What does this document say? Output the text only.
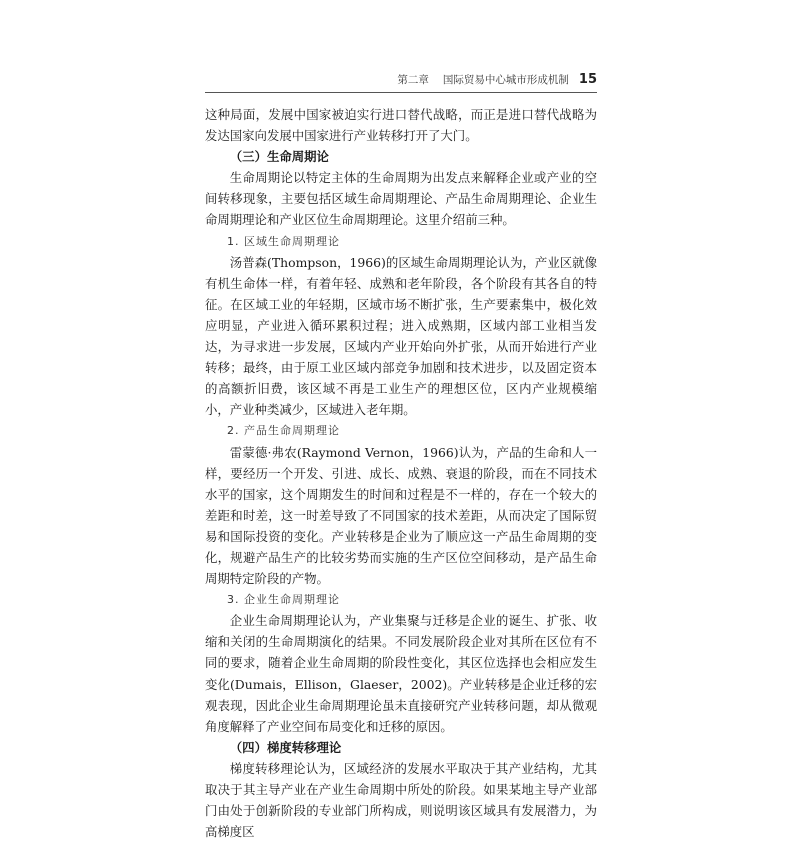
第二章 国际贸易中心城市形成机制 15

这种局面，发展中国家被迫实行进口替代战略，而正是进口替代战略为发达国家向发展中国家进行产业转移打开了大门。

（三）生命周期论

生命周期论以特定主体的生命周期为出发点来解释企业或产业的空间转移现象，主要包括区域生命周期理论、产品生命周期理论、企业生命周期理论和产业区位生命周期理论。这里介绍前三种。

1. 区域生命周期理论

汤普森(Thompson，1966)的区域生命周期理论认为，产业区就像有机生命体一样，有着年轻、成熟和老年阶段，各个阶段有其各自的特征。在区域工业的年轻期，区域市场不断扩张，生产要素集中，极化效应明显，产业进入循环累积过程；进入成熟期，区域内部工业相当发达，为寻求进一步发展，区域内产业开始向外扩张，从而开始进行产业转移；最终，由于原工业区域内部竞争加剧和技术进步，以及固定资本的高额折旧费，该区域不再是工业生产的理想区位，区内产业规模缩小，产业种类减少，区域进入老年期。

2. 产品生命周期理论

雷蒙德·弗农(Raymond Vernon，1966)认为，产品的生命和人一样，要经历一个开发、引进、成长、成熟、衰退的阶段，而在不同技术水平的国家，这个周期发生的时间和过程是不一样的，存在一个较大的差距和时差，这一时差导致了不同国家的技术差距，从而决定了国际贸易和国际投资的变化。产业转移是企业为了顺应这一产品生命周期的变化，规避产品生产的比较劣势而实施的生产区位空间移动，是产品生命周期特定阶段的产物。

3. 企业生命周期理论

企业生命周期理论认为，产业集聚与迁移是企业的诞生、扩张、收缩和关闭的生命周期演化的结果。不同发展阶段企业对其所在区位有不同的要求，随着企业生命周期的阶段性变化，其区位选择也会相应发生变化(Dumais，Ellison，Glaeser，2002)。产业转移是企业迁移的宏观表现，因此企业生命周期理论虽未直接研究产业转移问题，却从微观角度解释了产业空间布局变化和迁移的原因。

（四）梯度转移理论

梯度转移理论认为，区域经济的发展水平取决于其产业结构，尤其取决于其主导产业在产业生命周期中所处的阶段。如果某地主导产业部门由处于创新阶段的专业部门所构成，则说明该区域具有发展潜力，为高梯度区
